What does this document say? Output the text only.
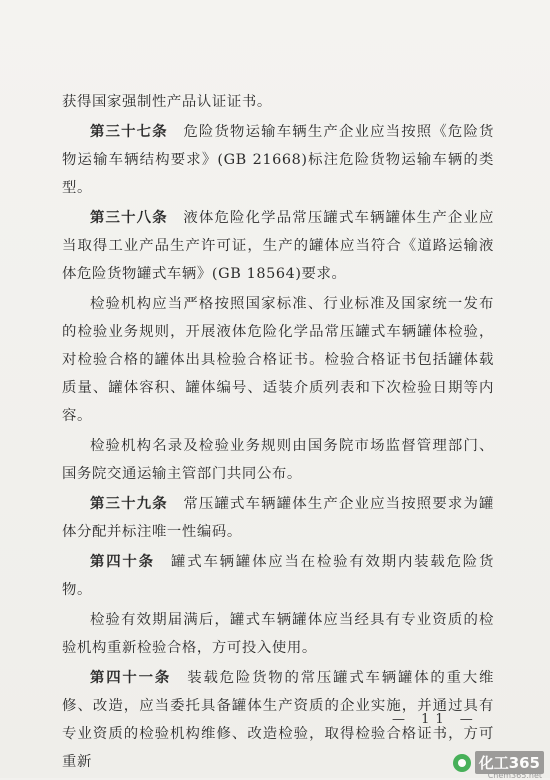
获得国家强制性产品认证证书。

第三十七条　危险货物运输车辆生产企业应当按照《危险货物运输车辆结构要求》(GB 21668)标注危险货物运输车辆的类型。

第三十八条　液体危险化学品常压罐式车辆罐体生产企业应当取得工业产品生产许可证，生产的罐体应当符合《道路运输液体危险货物罐式车辆》(GB 18564)要求。

检验机构应当严格按照国家标准、行业标准及国家统一发布的检验业务规则，开展液体危险化学品常压罐式车辆罐体检验，对检验合格的罐体出具检验合格证书。检验合格证书包括罐体载质量、罐体容积、罐体编号、适装介质列表和下次检验日期等内容。

检验机构名录及检验业务规则由国务院市场监督管理部门、国务院交通运输主管部门共同公布。

第三十九条　常压罐式车辆罐体生产企业应当按照要求为罐体分配并标注唯一性编码。

第四十条　罐式车辆罐体应当在检验有效期内装载危险货物。

检验有效期届满后，罐式车辆罐体应当经具有专业资质的检验机构重新检验合格，方可投入使用。

第四十一条　装载危险货物的常压罐式车辆罐体的重大维修、改造，应当委托具备罐体生产资质的企业实施，并通过具有专业资质的检验机构维修、改造检验，取得检验合格证书，方可重新

— 11 —
化工365
Chem365.net
